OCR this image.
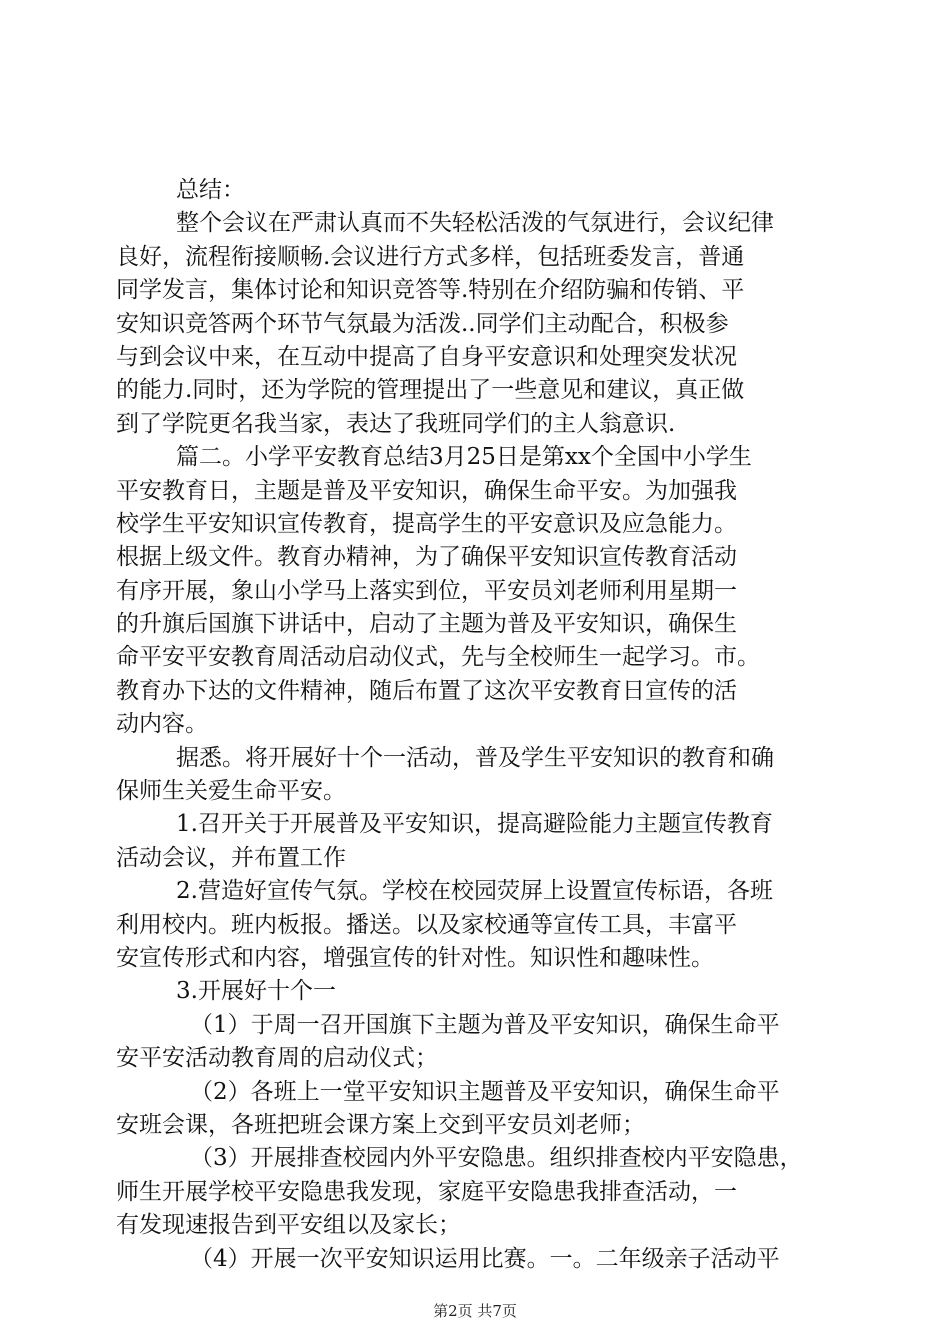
总结：
整个会议在严肃认真而不失轻松活泼的气氛进行，会议纪律
良好，流程衔接顺畅.会议进行方式多样，包括班委发言，普通
同学发言，集体讨论和知识竞答等.特别在介绍防骗和传销、平
安知识竞答两个环节气氛最为活泼..同学们主动配合，积极参
与到会议中来，在互动中提高了自身平安意识和处理突发状况
的能力.同时，还为学院的管理提出了一些意见和建议，真正做
到了学院更名我当家，表达了我班同学们的主人翁意识.
篇二。小学平安教育总结3月25日是第xx个全国中小学生
平安教育日，主题是普及平安知识，确保生命平安。为加强我
校学生平安知识宣传教育，提高学生的平安意识及应急能力。
根据上级文件。教育办精神，为了确保平安知识宣传教育活动
有序开展，象山小学马上落实到位，平安员刘老师利用星期一
的升旗后国旗下讲话中，启动了主题为普及平安知识，确保生
命平安平安教育周活动启动仪式，先与全校师生一起学习。市。
教育办下达的文件精神，随后布置了这次平安教育日宣传的活
动内容。
据悉。将开展好十个一活动，普及学生平安知识的教育和确
保师生关爱生命平安。
1.召开关于开展普及平安知识，提高避险能力主题宣传教育
活动会议，并布置工作
2.营造好宣传气氛。学校在校园荧屏上设置宣传标语，各班
利用校内。班内板报。播送。以及家校通等宣传工具，丰富平
安宣传形式和内容，增强宣传的针对性。知识性和趣味性。
3.开展好十个一
（1）于周一召开国旗下主题为普及平安知识，确保生命平
安平安活动教育周的启动仪式；
（2）各班上一堂平安知识主题普及平安知识，确保生命平
安班会课，各班把班会课方案上交到平安员刘老师；
（3）开展排查校园内外平安隐患。组织排查校内平安隐患，
师生开展学校平安隐患我发现，家庭平安隐患我排查活动，一
有发现速报告到平安组以及家长；
（4）开展一次平安知识运用比赛。一。二年级亲子活动平
第2页 共7页
